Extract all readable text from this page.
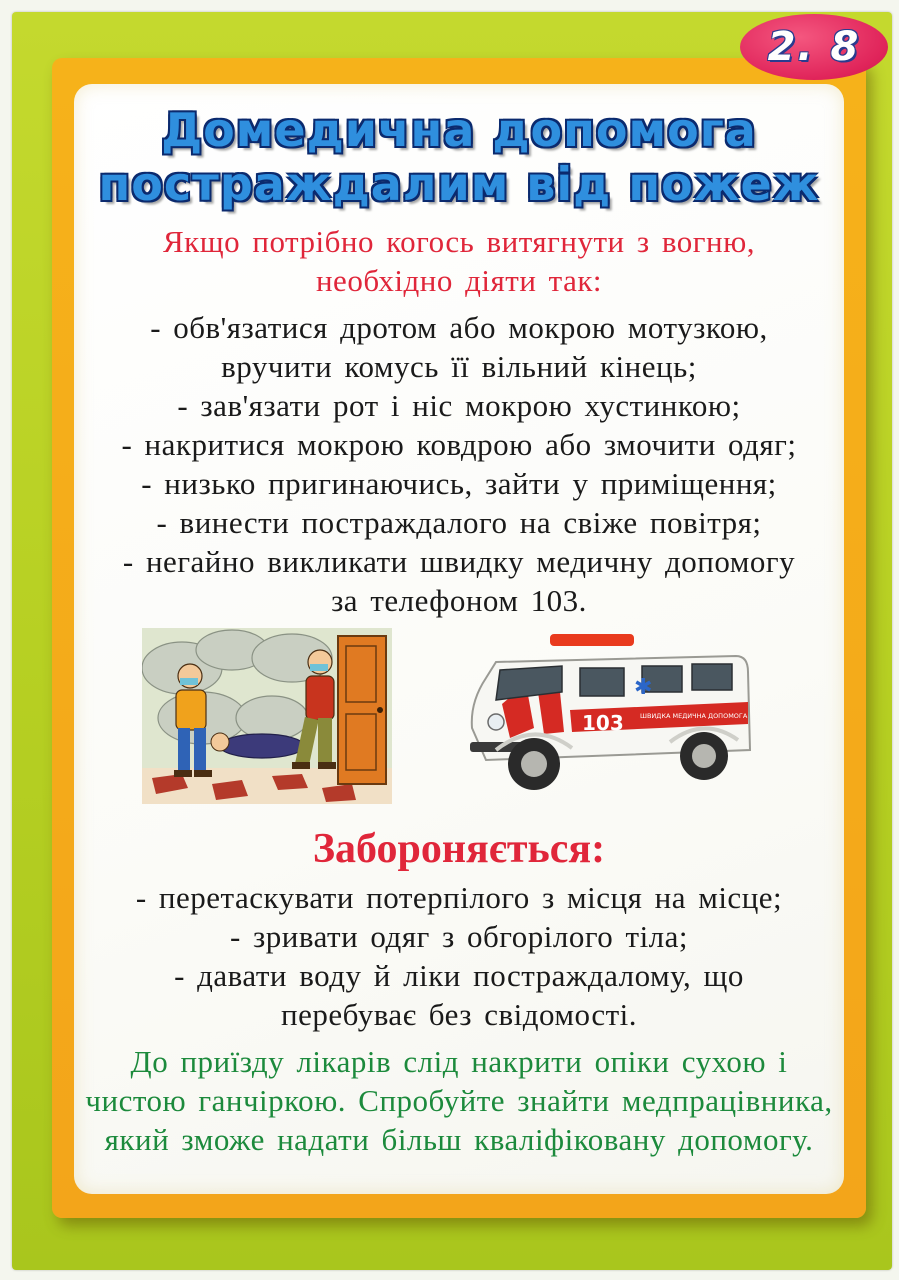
2. 8
Домедична допомога
постраждалим від пожеж
Якщо потрібно когось витягнути з вогню,
необхідно діяти так:
- обв'язатися дротом або мокрою мотузкою,
вручити комусь її вільний кінець;
- зав'язати рот і ніс мокрою хустинкою;
- накритися мокрою ковдрою або змочити одяг;
- низько пригинаючись, зайти у приміщення;
- винести постраждалого на свіже повітря;
- негайно викликати швидку медичну допомогу
за телефоном 103.
✱
103	ШВИДКА МЕДИЧНА ДОПОМОГА
Забороняється:
- перетаскувати потерпілого з місця на місце;
- зривати одяг з обгорілого тіла;
- давати воду й ліки постраждалому, що
перебуває без свідомості.
До приїзду лікарів слід накрити опіки сухою і
чистою ганчіркою. Спробуйте знайти медпрацівника,
який зможе надати більш кваліфіковану допомогу.
